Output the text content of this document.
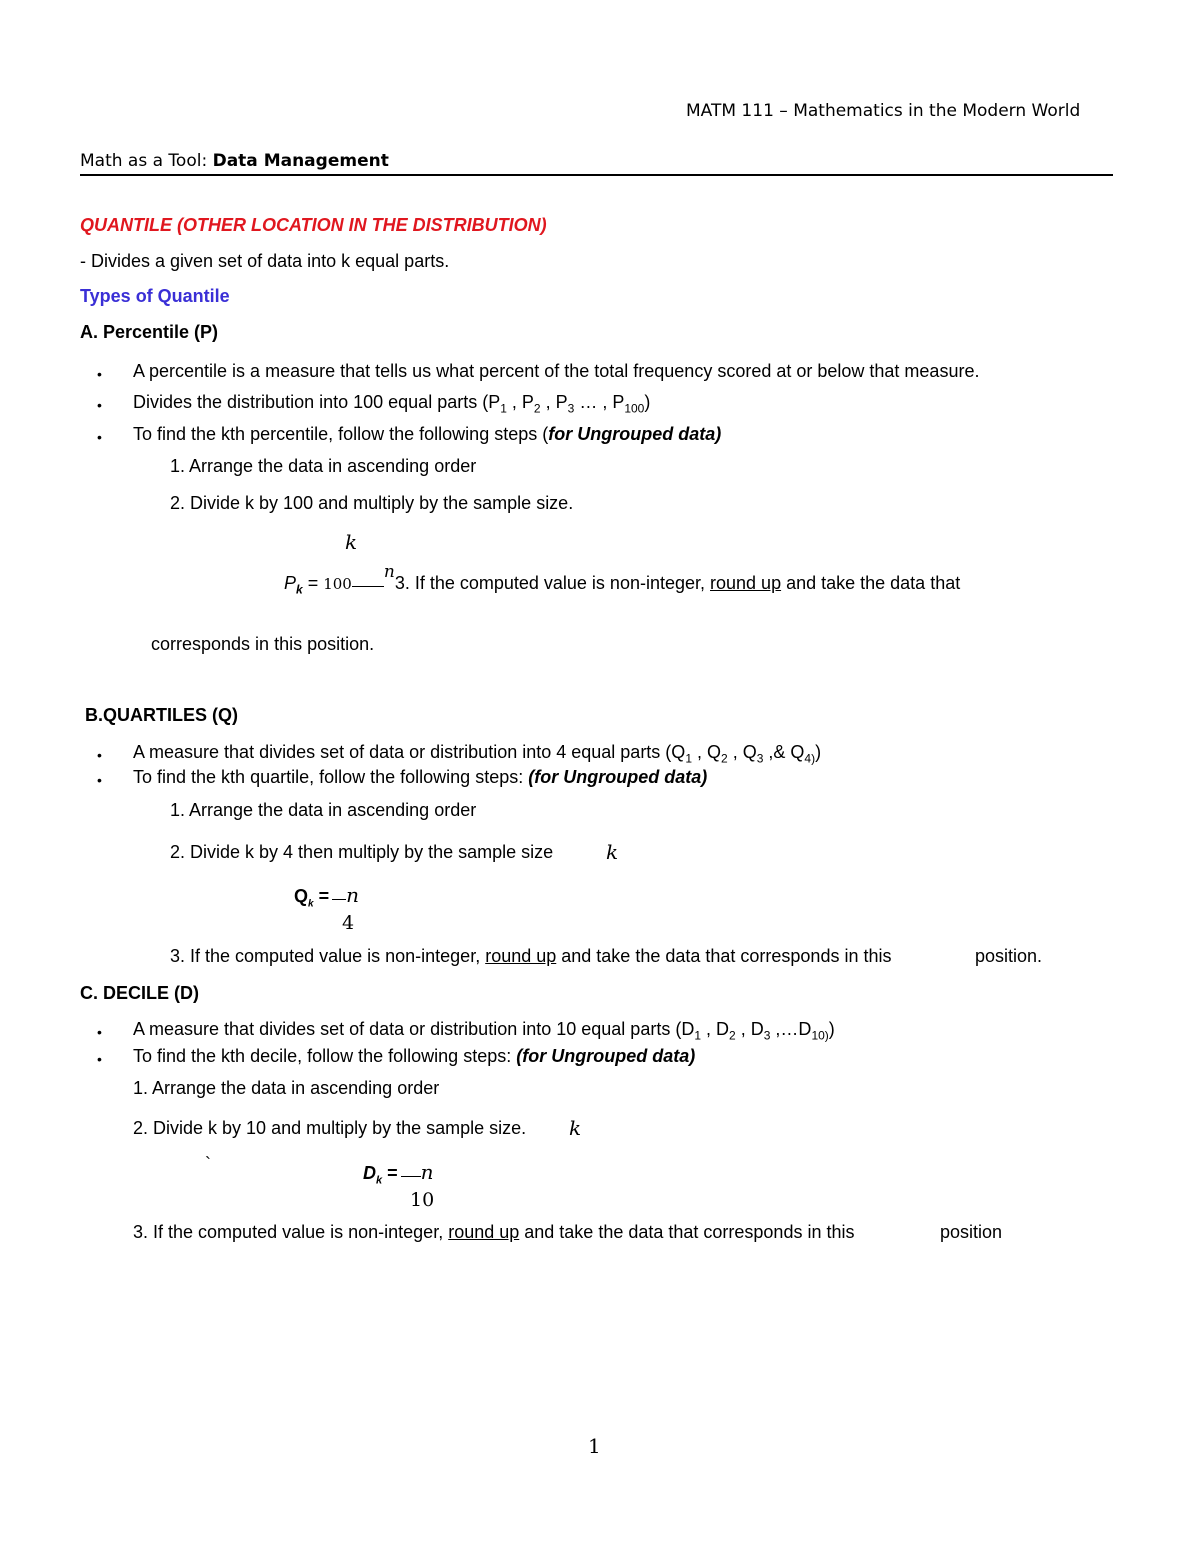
MATM 111 – Mathematics in the Modern World
Math as a Tool: Data Management
QUANTILE (OTHER LOCATION IN THE DISTRIBUTION)
- Divides a given set of data into k equal parts.
Types of Quantile
A. Percentile (P)
• A percentile is a measure that tells us what percent of the total frequency scored at or below that measure.
• Divides the distribution into 100 equal parts ($P_1$ , $P_2$ , $P_3$ … , $P_{100}$)
• To find the kth percentile, follow the following steps (for Ungrouped data)
1. Arrange the data in ascending order
2. Divide k by 100 and multiply by the sample size.
k
$P_k = 100n3$. If the computed value is non-integer, round up and take the data that
corresponds in this position.
B.QUARTILES (Q)
• A measure that divides set of data or distribution into 4 equal parts ($Q_1$ , $Q_2$ , $Q_3$ ,& $Q_{4)}$)
• To find the kth quartile, follow the following steps: (for Ungrouped data)
1. Arrange the data in ascending order
2. Divide k by 4 then multiply by the sample size	k
$Q_k = n$
4
3. If the computed value is non-integer, round up and take the data that corresponds in this	position.
C. DECILE (D)
• A measure that divides set of data or distribution into 10 equal parts ($D_1$ , $D_2$ , $D_3$ $,\dots D_{10)}$)
• To find the kth decile, follow the following steps: (for Ungrouped data)
1. Arrange the data in ascending order
2. Divide k by 10 and multiply by the sample size. k
`	$D_k = n$
10
3. If the computed value is non-integer, round up and take the data that corresponds in this	position
1
